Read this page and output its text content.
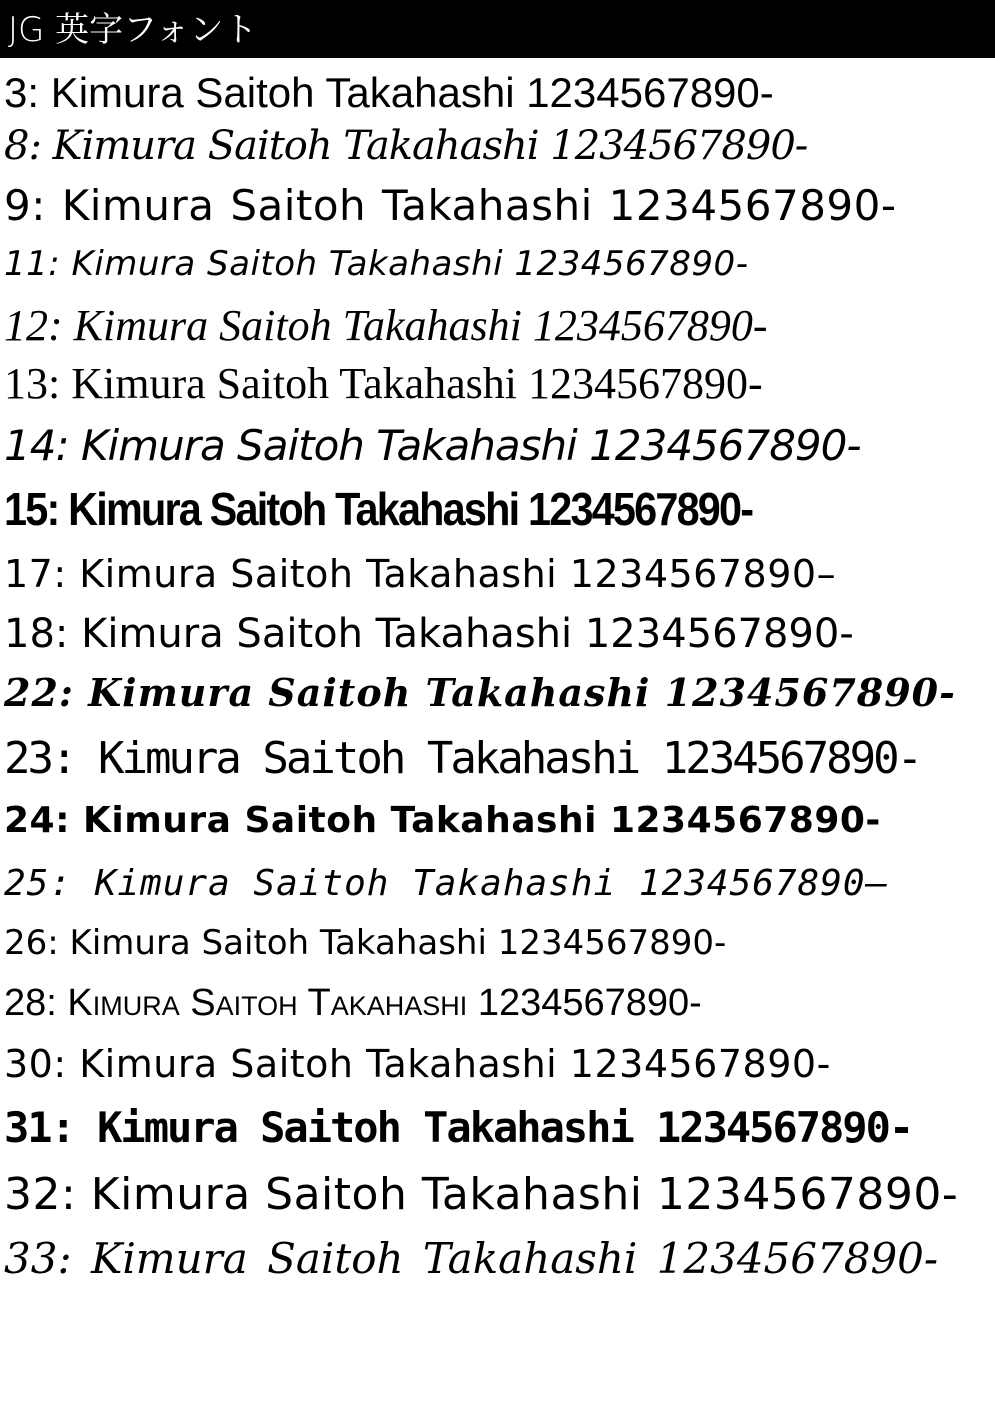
JG 英字フォント
3: Kimura Saitoh Takahashi 1234567890-
8: Kimura Saitoh Takahashi 1234567890-
9: Kimura Saitoh Takahashi 1234567890-
11: Kimura Saitoh Takahashi 1234567890-
12: Kimura Saitoh Takahashi 1234567890-
13: Kimura Saitoh Takahashi 1234567890-
14: Kimura Saitoh Takahashi 1234567890-
15: Kimura Saitoh Takahashi 1234567890-
17: Kimura Saitoh Takahashi 1234567890–
18: Kimura Saitoh Takahashi 1234567890-
22: Kimura Saitoh Takahashi 1234567890-
23: Kimura Saitoh Takahashi 1234567890-
24: Kimura Saitoh Takahashi 1234567890-
25: Kimura Saitoh Takahashi 1234567890—
26: Kimura Saitoh Takahashi 1234567890-
28: Kimura Saitoh Takahashi 1234567890-
30: Kimura Saitoh Takahashi 1234567890-
31: Kimura Saitoh Takahashi 1234567890-
32: Kimura Saitoh Takahashi 1234567890-
33: Kimura Saitoh Takahashi 1234567890-
